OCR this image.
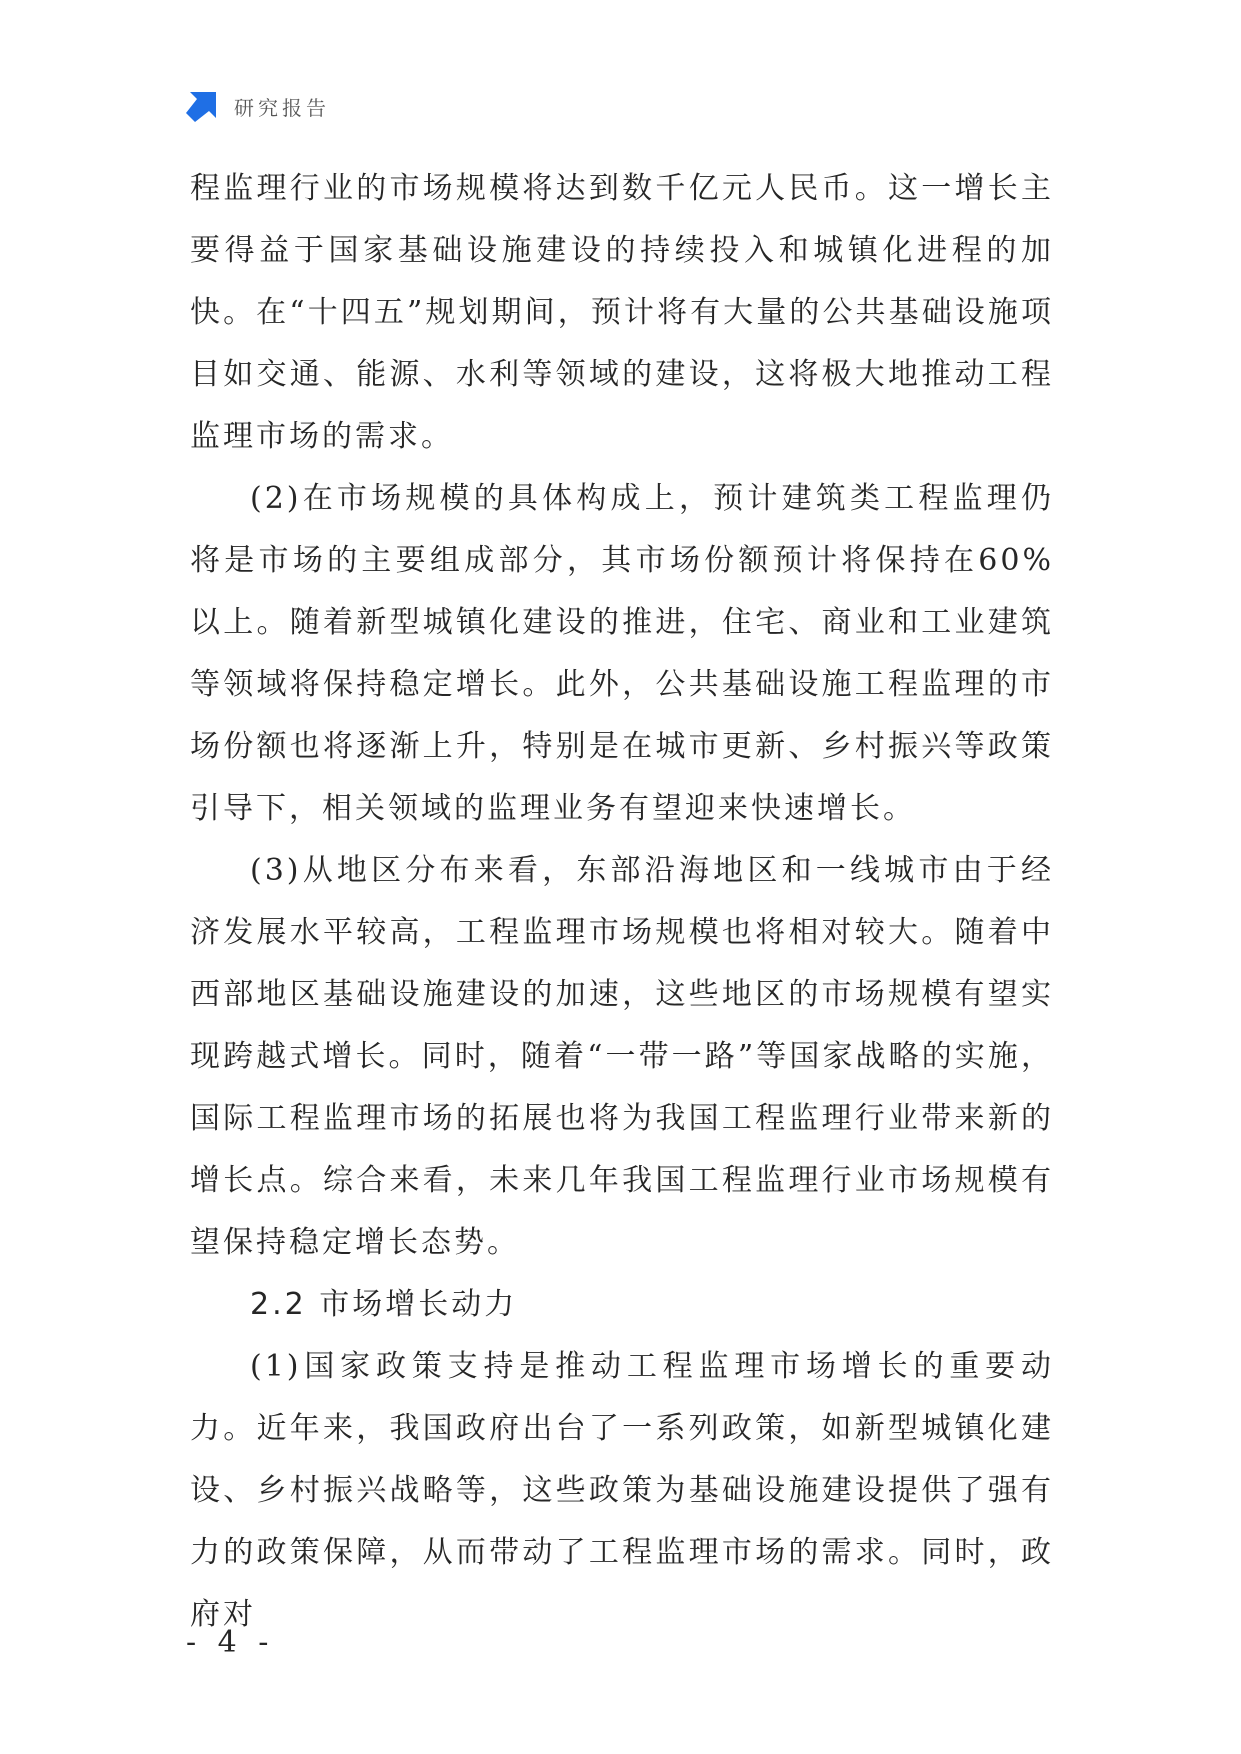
研究报告

程监理行业的市场规模将达到数千亿元人民币。这一增长主要得益于国家基础设施建设的持续投入和城镇化进程的加快。在“十四五”规划期间，预计将有大量的公共基础设施项目如交通、能源、水利等领域的建设，这将极大地推动工程监理市场的需求。

(2)在市场规模的具体构成上，预计建筑类工程监理仍将是市场的主要组成部分，其市场份额预计将保持在60%以上。随着新型城镇化建设的推进，住宅、商业和工业建筑等领域将保持稳定增长。此外，公共基础设施工程监理的市场份额也将逐渐上升，特别是在城市更新、乡村振兴等政策引导下，相关领域的监理业务有望迎来快速增长。

(3)从地区分布来看，东部沿海地区和一线城市由于经济发展水平较高，工程监理市场规模也将相对较大。随着中西部地区基础设施建设的加速，这些地区的市场规模有望实现跨越式增长。同时，随着“一带一路”等国家战略的实施，国际工程监理市场的拓展也将为我国工程监理行业带来新的增长点。综合来看，未来几年我国工程监理行业市场规模有望保持稳定增长态势。

2.2 市场增长动力

(1)国家政策支持是推动工程监理市场增长的重要动力。近年来，我国政府出台了一系列政策，如新型城镇化建设、乡村振兴战略等，这些政策为基础设施建设提供了强有力的政策保障，从而带动了工程监理市场的需求。同时，政府对

- 4 -
